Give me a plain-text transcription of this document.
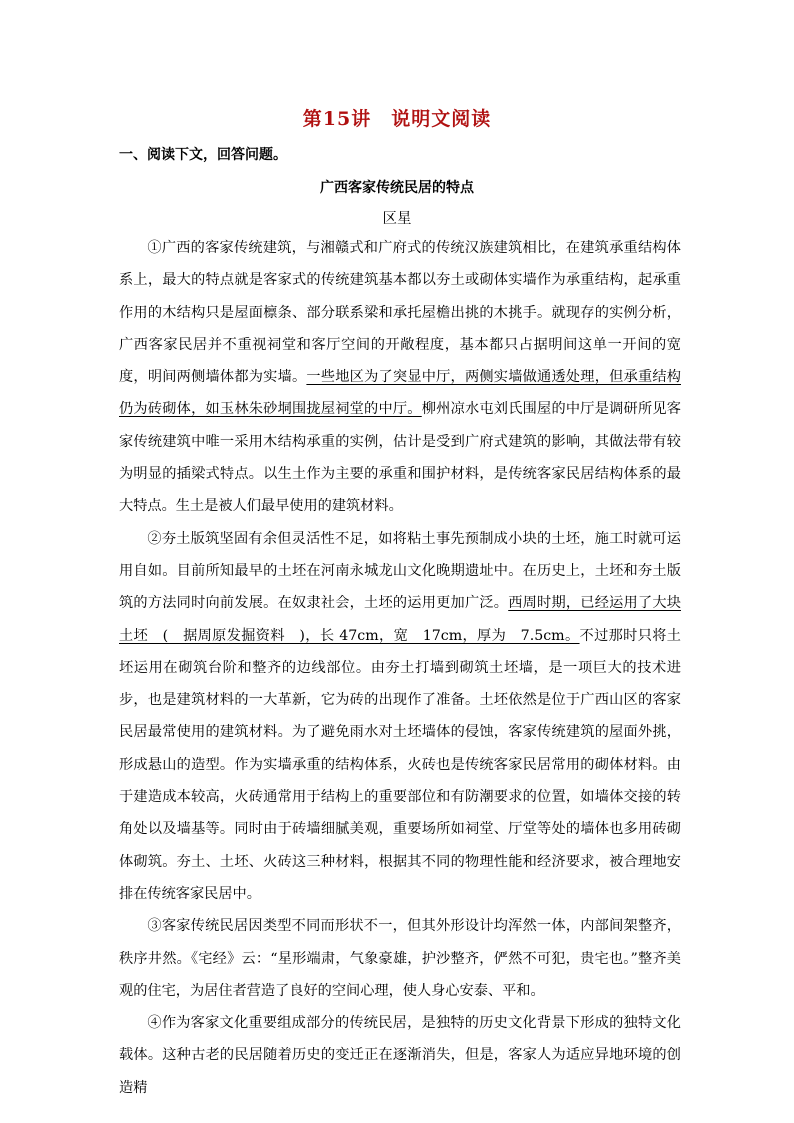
第15讲　说明文阅读
一、阅读下文，回答问题。
广西客家传统民居的特点
区星

①广西的客家传统建筑，与湘赣式和广府式的传统汉族建筑相比，在建筑承重结构体系上，最大的特点就是客家式的传统建筑基本都以夯土或砌体实墙作为承重结构，起承重作用的木结构只是屋面檩条、部分联系梁和承托屋檐出挑的木挑手。就现存的实例分析，广西客家民居并不重视祠堂和客厅空间的开敞程度，基本都只占据明间这单一开间的宽度，明间两侧墙体都为实墙。一些地区为了突显中厅，两侧实墙做通透处理，但承重结构仍为砖砌体，如玉林朱砂垌围拢屋祠堂的中厅。柳州凉水屯刘氏围屋的中厅是调研所见客家传统建筑中唯一采用木结构承重的实例，估计是受到广府式建筑的影响，其做法带有较为明显的插梁式特点。以生土作为主要的承重和围护材料，是传统客家民居结构体系的最大特点。生土是被人们最早使用的建筑材料。

②夯土版筑坚固有余但灵活性不足，如将粘土事先预制成小块的土坯，施工时就可运用自如。目前所知最早的土坯在河南永城龙山文化晚期遗址中。在历史上，土坯和夯土版筑的方法同时向前发展。在奴隶社会，土坯的运用更加广泛。西周时期，已经运用了大块土坯　(　据周原发掘资料　)，长 47cm，宽　17cm，厚为　7.5cm。不过那时只将土坯运用在砌筑台阶和整齐的边线部位。由夯土打墙到砌筑土坯墙，是一项巨大的技术进步，也是建筑材料的一大革新，它为砖的出现作了准备。土坯依然是位于广西山区的客家民居最常使用的建筑材料。为了避免雨水对土坯墙体的侵蚀，客家传统建筑的屋面外挑，形成悬山的造型。作为实墙承重的结构体系，火砖也是传统客家民居常用的砌体材料。由于建造成本较高，火砖通常用于结构上的重要部位和有防潮要求的位置，如墙体交接的转角处以及墙基等。同时由于砖墙细腻美观，重要场所如祠堂、厅堂等处的墙体也多用砖砌体砌筑。夯土、土坯、火砖这三种材料，根据其不同的物理性能和经济要求，被合理地安排在传统客家民居中。

③客家传统民居因类型不同而形状不一，但其外形设计均浑然一体，内部间架整齐，秩序井然。《宅经》云：“星形端肃，气象豪雄，护沙整齐，俨然不可犯，贵宅也。”整齐美观的住宅，为居住者营造了良好的空间心理，使人身心安泰、平和。

④作为客家文化重要组成部分的传统民居，是独特的历史文化背景下形成的独特文化载体。这种古老的民居随着历史的变迁正在逐渐消失，但是，客家人为适应异地环境的创造精
